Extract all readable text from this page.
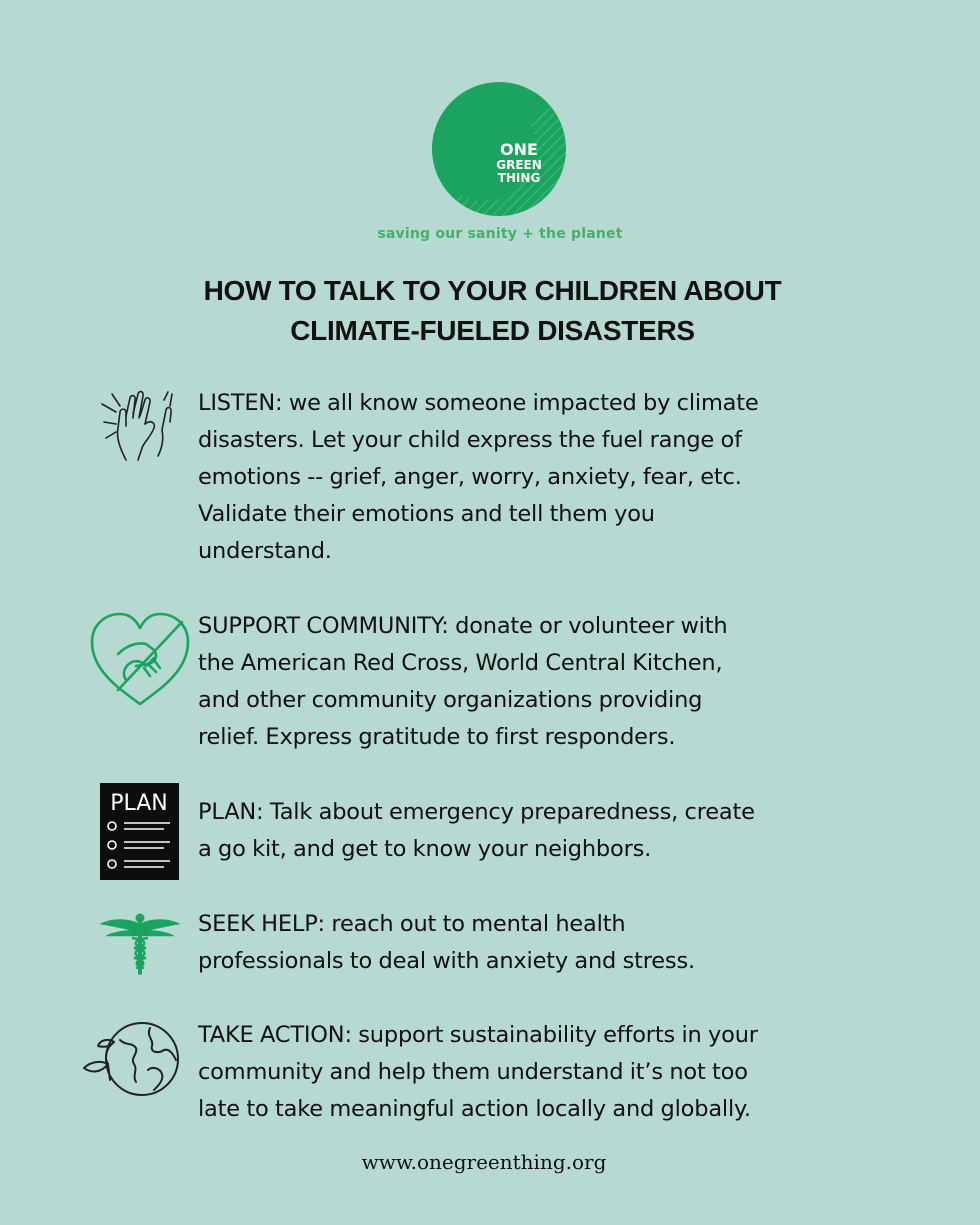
ONE
GREEN
THING
saving our sanity + the planet
HOW TO TALK TO YOUR CHILDREN ABOUT
CLIMATE-FUELED DISASTERS
LISTEN: we all know someone impacted by climate
disasters. Let your child express the fuel range of
emotions -- grief, anger, worry, anxiety, fear, etc.
Validate their emotions and tell them you
understand.
SUPPORT COMMUNITY: donate or volunteer with
the American Red Cross, World Central Kitchen,
and other community organizations providing
relief. Express gratitude to first responders.
PLAN PLAN: Talk about emergency preparedness, create
a go kit, and get to know your neighbors.
SEEK HELP: reach out to mental health
professionals to deal with anxiety and stress.
TAKE ACTION: support sustainability efforts in your
community and help them understand it’s not too
late to take meaningful action locally and globally.
www.onegreenthing.org
